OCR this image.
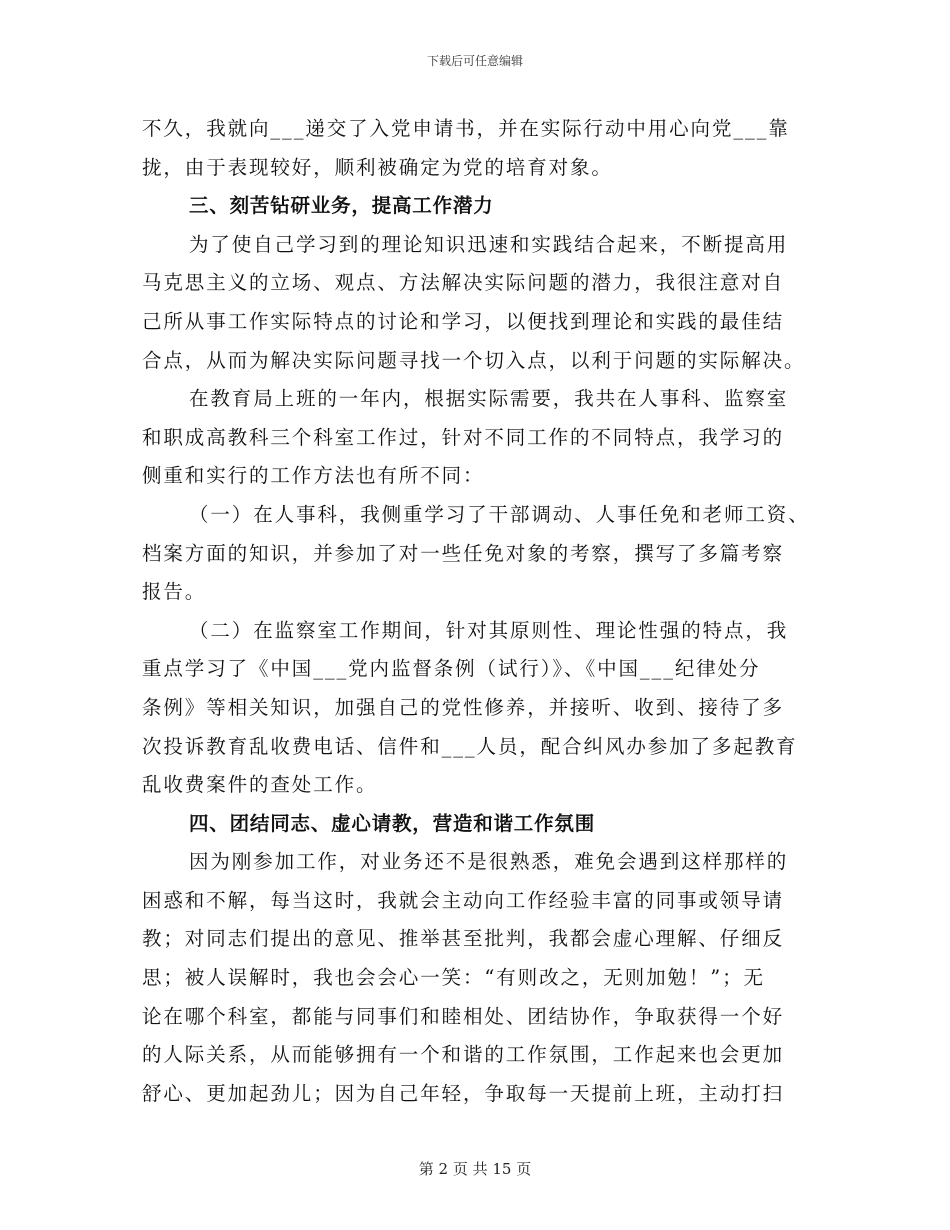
下载后可任意编辑
不久，我就向___递交了入党申请书，并在实际行动中用心向党___靠
拢，由于表现较好，顺利被确定为党的培育对象。
三、刻苦钻研业务，提高工作潜力
为了使自己学习到的理论知识迅速和实践结合起来，不断提高用
马克思主义的立场、观点、方法解决实际问题的潜力，我很注意对自
己所从事工作实际特点的讨论和学习，以便找到理论和实践的最佳结
合点，从而为解决实际问题寻找一个切入点，以利于问题的实际解决。
在教育局上班的一年内，根据实际需要，我共在人事科、监察室
和职成高教科三个科室工作过，针对不同工作的不同特点，我学习的
侧重和实行的工作方法也有所不同：
（一）在人事科，我侧重学习了干部调动、人事任免和老师工资、
档案方面的知识，并参加了对一些任免对象的考察，撰写了多篇考察
报告。
（二）在监察室工作期间，针对其原则性、理论性强的特点，我
重点学习了《中国___党内监督条例（试行）》、《中国___纪律处分
条例》等相关知识，加强自己的党性修养，并接听、收到、接待了多
次投诉教育乱收费电话、信件和___人员，配合纠风办参加了多起教育
乱收费案件的查处工作。
四、团结同志、虚心请教，营造和谐工作氛围
因为刚参加工作，对业务还不是很熟悉，难免会遇到这样那样的
困惑和不解，每当这时，我就会主动向工作经验丰富的同事或领导请
教；对同志们提出的意见、推举甚至批判，我都会虚心理解、仔细反
思；被人误解时，我也会会心一笑：“有则改之，无则加勉！”；无
论在哪个科室，都能与同事们和睦相处、团结协作，争取获得一个好
的人际关系，从而能够拥有一个和谐的工作氛围，工作起来也会更加
舒心、更加起劲儿；因为自己年轻，争取每一天提前上班，主动打扫
第 2 页 共 15 页
